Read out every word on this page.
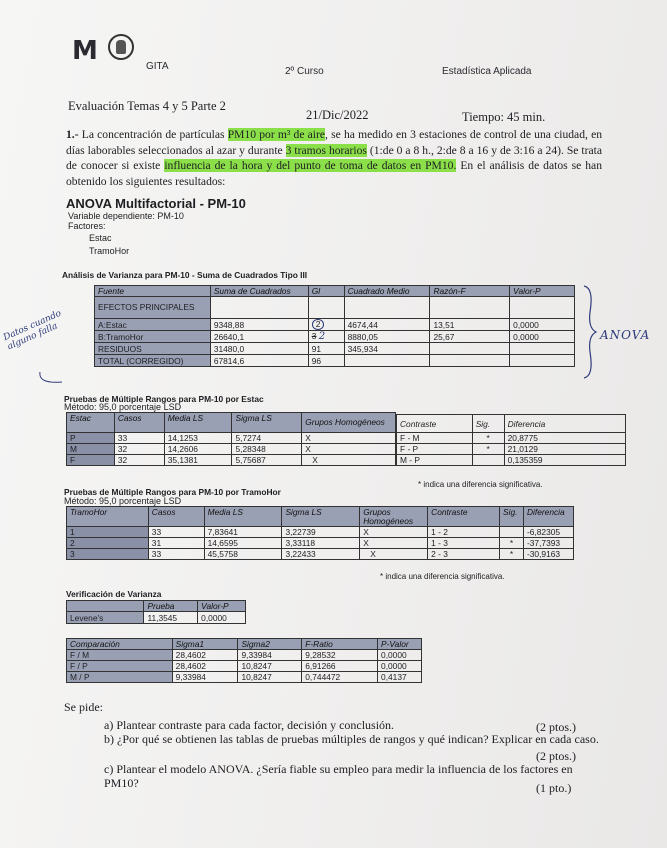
M
GITA	2º Curso	Estadística Aplicada
Evaluación Temas 4 y 5 Parte 2
21/Dic/2022	Tiempo: 45 min.
1.- La concentración de partículas PM10 por m³ de aire, se ha medido en 3 estaciones de control de una ciudad, en días laborables seleccionados al azar y durante 3 tramos horarios (1:de 0 a 8 h., 2:de 8 a 16 y de 3:16 a 24). Se trata de conocer si existe influencia de la hora y del punto de toma de datos en PM10. En el análisis de datos se han obtenido los siguientes resultados:
ANOVA Multifactorial - PM-10
Variable dependiente: PM-10
Factores:
Estac
TramoHor
Análisis de Varianza para PM-10 - Suma de Cuadrados Tipo III
Fuente	Suma de Cuadrados	Gl	Cuadrado Medio	Razón-F	Valor-P
EFECTOS PRINCIPALES					
A:Estac	9348,88	2	4674,44	13,51	0,0000
B:TramoHor	26640,1	3 2	8880,05	25,67	0,0000
RESIDUOS	31480,0	91	345,934		
TOTAL (CORREGIDO)	67814,6	96			
ANOVA
Datos cuando alguno falla
Pruebas de Múltiple Rangos para PM-10 por Estac
Método: 95,0 porcentaje LSD
Estac	Casos	Media LS	Sigma LS	Grupos Homogéneos
P	33	14,1253	5,7274	X
M	32	14,2606	5,28348	X
F	32	35,1381	5,75687	X
Contraste	Sig.	Diferencia
F - M	*	20,8775
F - P	*	21,0129
M - P		0,135359
* indica una diferencia significativa.
Pruebas de Múltiple Rangos para PM-10 por TramoHor
Método: 95,0 porcentaje LSD
TramoHor	Casos	Media LS	Sigma LS	Grupos Homogéneos	Contraste	Sig.	Diferencia
1	33	7,83641	3,22739	X	1 - 2		-6,82305
2	31	14,6595	3,33118	X	1 - 3	*	-37,7393
3	33	45,5758	3,22433	X	2 - 3	*	-30,9163
* indica una diferencia significativa.
Verificación de Varianza
	Prueba	Valor-P
Levene's	11,3545	0,0000
Comparación	Sigma1	Sigma2	F-Ratio	P-Valor
F / M	28,4602	9,33984	9,28532	0,0000
F / P	28,4602	10,8247	6,91266	0,0000
M / P	9,33984	10,8247	0,744472	0,4137
Se pide:
a) Plantear contraste para cada factor, decisión y conclusión.	(2 ptos.)
b) ¿Por qué se obtienen las tablas de pruebas múltiples de rangos y qué indican? Explicar en cada caso.
(2 ptos.)
c) Plantear el modelo ANOVA. ¿Sería fiable su empleo para medir la influencia de los factores en PM10?	(1 pto.)
